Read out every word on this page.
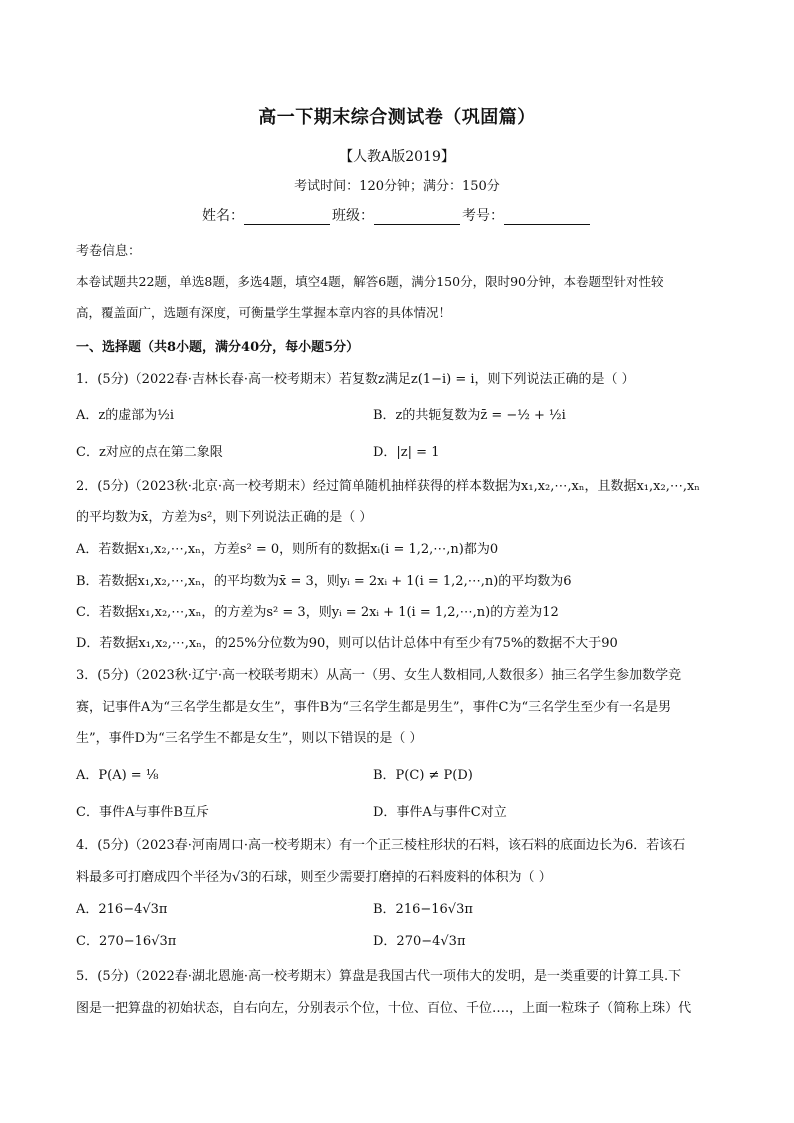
高一下期末综合测试卷（巩固篇）
【人教A版2019】
考试时间：120分钟；满分：150分
姓名：	班级：	考号：
考卷信息：
本卷试题共22题，单选8题，多选4题，填空4题，解答6题，满分150分，限时90分钟，本卷题型针对性较
高，覆盖面广，选题有深度，可衡量学生掌握本章内容的具体情况！
一、选择题（共8小题，满分40分，每小题5分）
1．(5分)（2022春·吉林长春·高一校考期末）若复数z满足z(1−i) = i，则下列说法正确的是（ ）
A．z的虚部为½i	B．z的共轭复数为z̄ = −½ + ½i
C．z对应的点在第二象限	D．|z| = 1
2．(5分)（2023秋·北京·高一校考期末）经过简单随机抽样获得的样本数据为x₁,x₂,⋯,xₙ，且数据x₁,x₂,⋯,xₙ
的平均数为x̄，方差为s²，则下列说法正确的是（ ）
A．若数据x₁,x₂,⋯,xₙ，方差s² = 0，则所有的数据xᵢ(i = 1,2,⋯,n)都为0
B．若数据x₁,x₂,⋯,xₙ，的平均数为x̄ = 3，则yᵢ = 2xᵢ + 1(i = 1,2,⋯,n)的平均数为6
C．若数据x₁,x₂,⋯,xₙ，的方差为s² = 3，则yᵢ = 2xᵢ + 1(i = 1,2,⋯,n)的方差为12
D．若数据x₁,x₂,⋯,xₙ，的25%分位数为90，则可以估计总体中有至少有75%的数据不大于90
3．(5分)（2023秋·辽宁·高一校联考期末）从高一（男、女生人数相同,人数很多）抽三名学生参加数学竞
赛，记事件A为“三名学生都是女生”，事件B为“三名学生都是男生”，事件C为“三名学生至少有一名是男
生”，事件D为“三名学生不都是女生”，则以下错误的是（ ）
A．P(A) = ⅛	B．P(C) ≠ P(D)
C．事件A与事件B互斥	D．事件A与事件C对立
4．(5分)（2023春·河南周口·高一校考期末）有一个正三棱柱形状的石料，该石料的底面边长为6．若该石
料最多可打磨成四个半径为√3的石球，则至少需要打磨掉的石料废料的体积为（ ）
A．216−4√3π	B．216−16√3π
C．270−16√3π	D．270−4√3π
5．(5分)（2022春·湖北恩施·高一校考期末）算盘是我国古代一项伟大的发明，是一类重要的计算工具.下
图是一把算盘的初始状态，自右向左，分别表示个位，十位、百位、千位….，上面一粒珠子（简称上珠）代
